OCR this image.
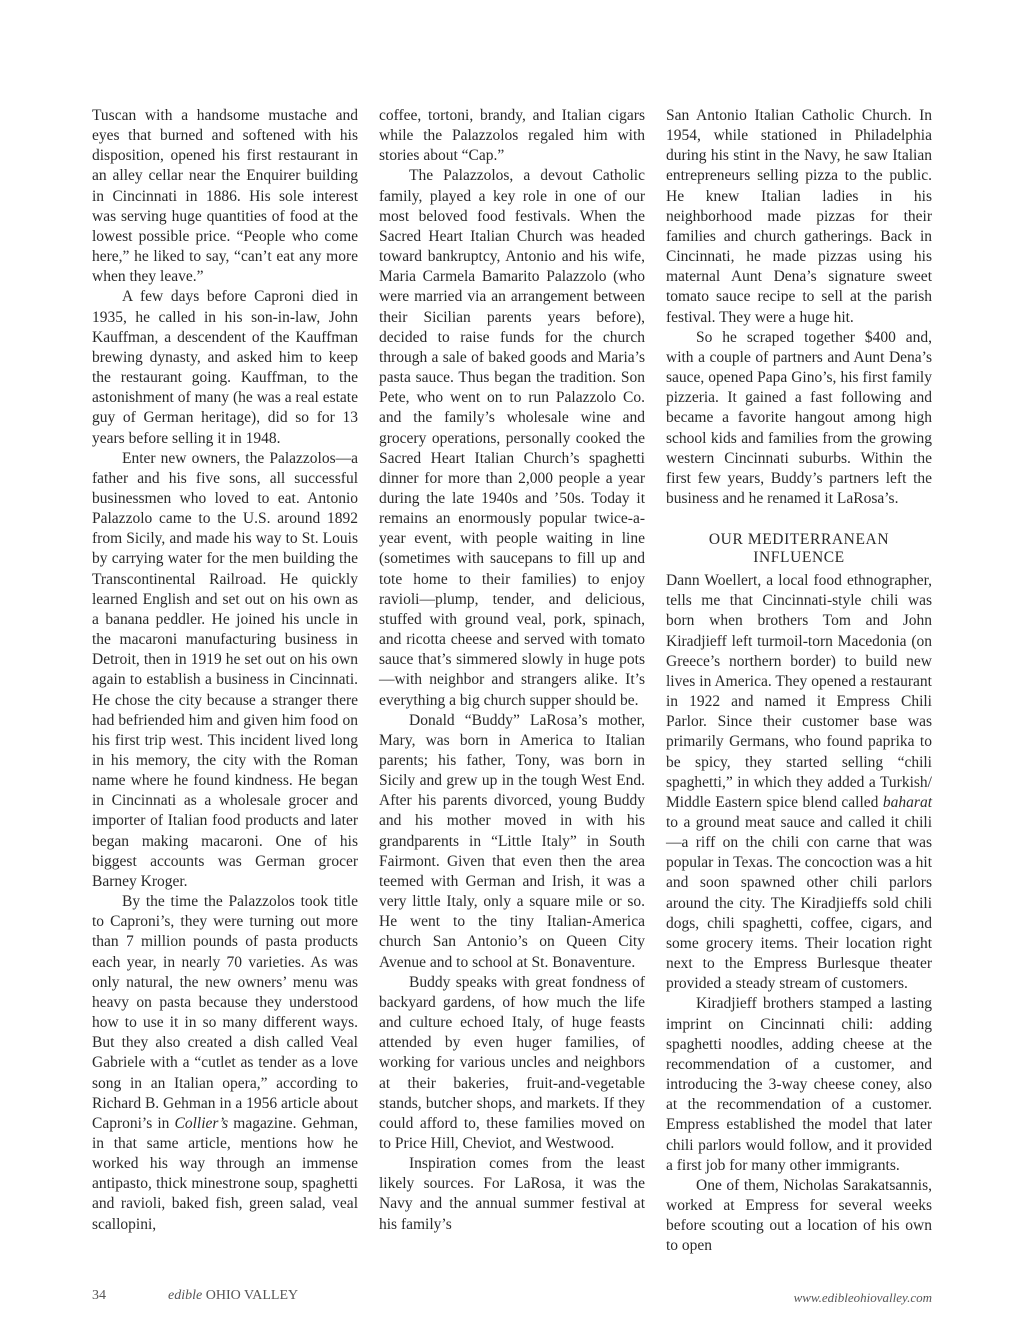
Tuscan with a handsome mustache and eyes that burned and softened with his disposition, opened his first restaurant in an alley cellar near the Enquirer building in Cincinnati in 1886. His sole interest was serving huge quantities of food at the lowest possible price. “People who come here,” he liked to say, “can’t eat any more when they leave.”

A few days before Caproni died in 1935, he called in his son-in-law, John Kauffman, a descendent of the Kauffman brewing dynasty, and asked him to keep the restaurant going. Kauffman, to the astonishment of many (he was a real estate guy of German heritage), did so for 13 years before selling it in 1948.

Enter new owners, the Palazzolos—a father and his five sons, all successful businessmen who loved to eat. Antonio Palazzolo came to the U.S. around 1892 from Sicily, and made his way to St. Louis by carrying water for the men building the Transcontinental Railroad. He quickly learned English and set out on his own as a banana peddler. He joined his uncle in the macaroni manufacturing business in Detroit, then in 1919 he set out on his own again to establish a business in Cincinnati. He chose the city because a stranger there had befriended him and given him food on his first trip west. This incident lived long in his memory, the city with the Roman name where he found kindness. He began in Cincinnati as a wholesale grocer and importer of Italian food products and later began making macaroni. One of his biggest accounts was German grocer Barney Kroger.

By the time the Palazzolos took title to Caproni’s, they were turning out more than 7 million pounds of pasta products each year, in nearly 70 varieties. As was only natural, the new owners’ menu was heavy on pasta because they understood how to use it in so many different ways. But they also created a dish called Veal Gabriele with a “cutlet as tender as a love song in an Italian opera,” according to Richard B. Gehman in a 1956 article about Caproni’s in Collier’s magazine. Gehman, in that same article, mentions how he worked his way through an immense antipasto, thick minestrone soup, spaghetti and ravioli, baked fish, green salad, veal scallopini,

coffee, tortoni, brandy, and Italian cigars while the Palazzolos regaled him with stories about “Cap.”

The Palazzolos, a devout Catholic family, played a key role in one of our most beloved food festivals. When the Sacred Heart Italian Church was headed toward bankruptcy, Antonio and his wife, Maria Carmela Bamarito Palazzolo (who were married via an arrangement between their Sicilian parents years before), decided to raise funds for the church through a sale of baked goods and Maria’s pasta sauce. Thus began the tradition. Son Pete, who went on to run Palazzolo Co. and the family’s wholesale wine and grocery operations, personally cooked the Sacred Heart Italian Church’s spaghetti dinner for more than 2,000 people a year during the late 1940s and ’50s. Today it remains an enormously popular twice-a-year event, with people waiting in line (sometimes with saucepans to fill up and tote home to their families) to enjoy ravioli—plump, tender, and delicious, stuffed with ground veal, pork, spinach, and ricotta cheese and served with tomato sauce that’s simmered slowly in huge pots—with neighbor and strangers alike. It’s everything a big church supper should be.

Donald “Buddy” LaRosa’s mother, Mary, was born in America to Italian parents; his father, Tony, was born in Sicily and grew up in the tough West End. After his parents divorced, young Buddy and his mother moved in with his grandparents in “Little Italy” in South Fairmont. Given that even then the area teemed with German and Irish, it was a very little Italy, only a square mile or so. He went to the tiny Italian-America church San Antonio’s on Queen City Avenue and to school at St. Bonaventure.

Buddy speaks with great fondness of backyard gardens, of how much the life and culture echoed Italy, of huge feasts attended by even huger families, of working for various uncles and neighbors at their bakeries, fruit-and-vegetable stands, butcher shops, and markets. If they could afford to, these families moved on to Price Hill, Cheviot, and Westwood.

Inspiration comes from the least likely sources. For LaRosa, it was the Navy and the annual summer festival at his family’s

San Antonio Italian Catholic Church. In 1954, while stationed in Philadelphia during his stint in the Navy, he saw Italian entrepreneurs selling pizza to the public. He knew Italian ladies in his neighborhood made pizzas for their families and church gatherings. Back in Cincinnati, he made pizzas using his maternal Aunt Dena’s signature sweet tomato sauce recipe to sell at the parish festival. They were a huge hit.

So he scraped together $400 and, with a couple of partners and Aunt Dena’s sauce, opened Papa Gino’s, his first family pizzeria. It gained a fast following and became a favorite hangout among high school kids and families from the growing western Cincinnati suburbs. Within the first few years, Buddy’s partners left the business and he renamed it LaRosa’s.

OUR MEDITERRANEAN
INFLUENCE

Dann Woellert, a local food ethnographer, tells me that Cincinnati-style chili was born when brothers Tom and John Kiradjieff left turmoil-torn Macedonia (on Greece’s northern border) to build new lives in America. They opened a restaurant in 1922 and named it Empress Chili Parlor. Since their customer base was primarily Germans, who found paprika to be spicy, they started selling “chili spaghetti,” in which they added a Turkish/ Middle Eastern spice blend called baharat to a ground meat sauce and called it chili—a riff on the chili con carne that was popular in Texas. The concoction was a hit and soon spawned other chili parlors around the city. The Kiradjieffs sold chili dogs, chili spaghetti, coffee, cigars, and some grocery items. Their location right next to the Empress Burlesque theater provided a steady stream of customers.

Kiradjieff brothers stamped a lasting imprint on Cincinnati chili: adding spaghetti noodles, adding cheese at the recommendation of a customer, and introducing the 3-way cheese coney, also at the recommendation of a customer. Empress established the model that later chili parlors would follow, and it provided a first job for many other immigrants.

One of them, Nicholas Sarakatsannis, worked at Empress for several weeks before scouting out a location of his own to open

34	edible OHIO VALLEY	www.edibleohiovalley.com
